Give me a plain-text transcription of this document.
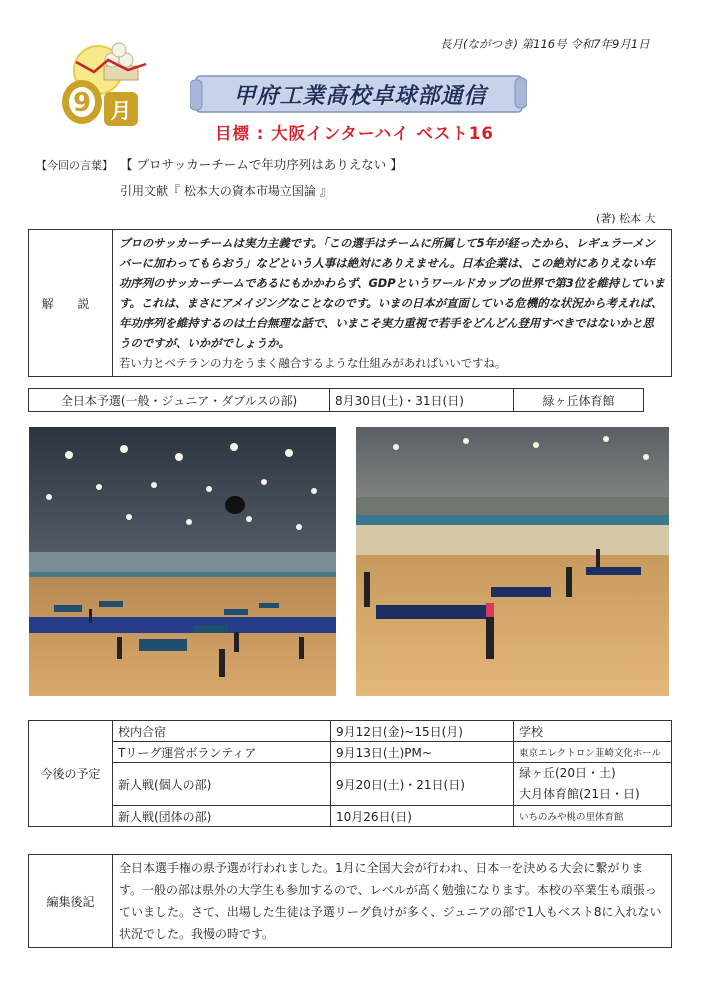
長月(ながつき) 第116号 令和7年9月1日
9 月
甲府工業高校卓球部通信
目標 : 大阪インターハイ ベスト16
【今回の言葉】 【 プロサッカーチームで年功序列はありえない 】
引用文献『 松本大の資本市場立国論 』
(著) 松本 大
解 説	プロのサッカーチームは実力主義です。「この選手はチームに所属して5年が経ったから、レギュラーメンバーに加わってもらおう」などという人事は絶対にありえません。日本企業は、この絶対にありえない年功序列のサッカーチームであるにもかかわらず、GDPというワールドカップの世界で第3位を維持しています。これは、まさにアメイジングなことなのです。いまの日本が直面している危機的な状況から考えれば、年功序列を維持するのは土台無理な話で、いまこそ実力重視で若手をどんどん登用すべきではないかと思うのですが、いかがでしょうか。
若い力とベテランの力をうまく融合するような仕組みがあればいいですね。
全日本予選(一般・ジュニア・ダブルスの部)	8月30日(土)・31日(日)	緑ヶ丘体育館
今後の予定	校内合宿	9月12日(金)~15日(月)	学校
	Tリーグ運営ボランティア	9月13日(土)PM~	東京エレクトロン韮崎文化ホール
	新人戦(個人の部)	9月20日(土)・21日(日)	緑ヶ丘(20日・土)
大月体育館(21日・日)
	新人戦(団体の部)	10月26日(日)	いちのみや桃の里体育館
編集後記	全日本選手権の県予選が行われました。1月に全国大会が行われ、日本一を決める大会に繋がります。一般の部は県外の大学生も参加するので、レベルが高く勉強になります。本校の卒業生も頑張っていました。さて、出場した生徒は予選リーグ負けが多く、ジュニアの部で1人もベスト8に入れない状況でした。我慢の時です。
